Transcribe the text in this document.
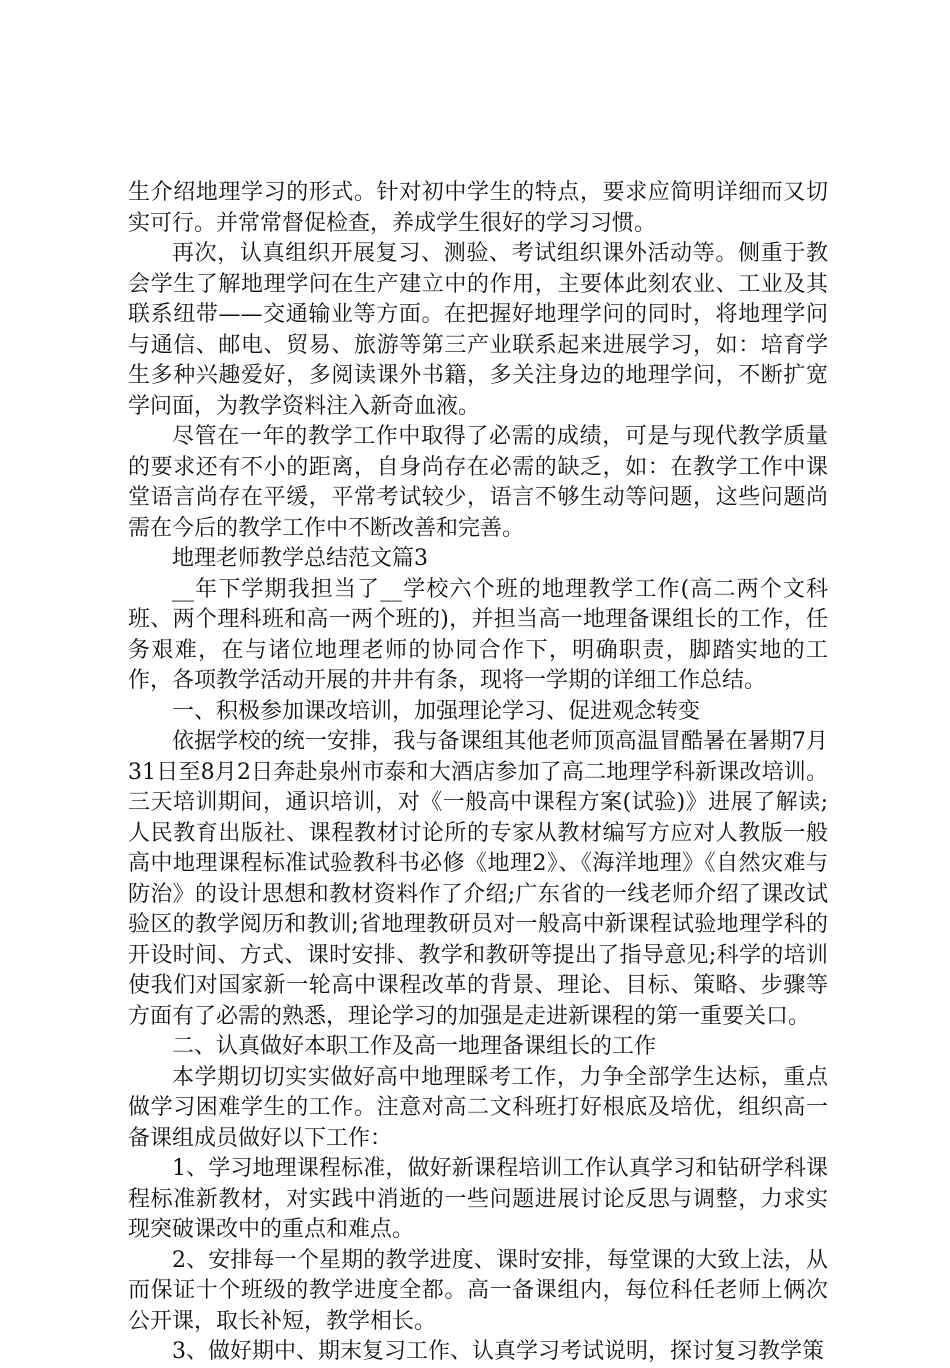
生介绍地理学习的形式。针对初中学生的特点，要求应简明详细而又切实可行。并常常督促检查，养成学生很好的学习习惯。

再次，认真组织开展复习、测验、考试组织课外活动等。侧重于教会学生了解地理学问在生产建立中的作用，主要体此刻农业、工业及其联系纽带——交通输业等方面。在把握好地理学问的同时，将地理学问与通信、邮电、贸易、旅游等第三产业联系起来进展学习，如：培育学生多种兴趣爱好，多阅读课外书籍，多关注身边的地理学问，不断扩宽学问面，为教学资料注入新奇血液。

尽管在一年的教学工作中取得了必需的成绩，可是与现代教学质量的要求还有不小的距离，自身尚存在必需的缺乏，如：在教学工作中课堂语言尚存在平缓，平常考试较少，语言不够生动等问题，这些问题尚需在今后的教学工作中不断改善和完善。

地理老师教学总结范文篇3

__年下学期我担当了__学校六个班的地理教学工作(高二两个文科班、两个理科班和高一两个班的)，并担当高一地理备课组长的工作，任务艰难，在与诸位地理老师的协同合作下，明确职责，脚踏实地的工作，各项教学活动开展的井井有条，现将一学期的详细工作总结。

一、积极参加课改培训，加强理论学习、促进观念转变

依据学校的统一安排，我与备课组其他老师顶高温冒酷暑在暑期7月31日至8月2日奔赴泉州市泰和大酒店参加了高二地理学科新课改培训。三天培训期间，通识培训，对《一般高中课程方案(试验)》进展了解读;人民教育出版社、课程教材讨论所的专家从教材编写方应对人教版一般高中地理课程标准试验教科书必修《地理2》、《海洋地理》《自然灾难与防治》的设计思想和教材资料作了介绍;广东省的一线老师介绍了课改试验区的教学阅历和教训;省地理教研员对一般高中新课程试验地理学科的开设时间、方式、课时安排、教学和教研等提出了指导意见;科学的培训使我们对国家新一轮高中课程改革的背景、理论、目标、策略、步骤等方面有了必需的熟悉，理论学习的加强是走进新课程的第一重要关口。

二、认真做好本职工作及高一地理备课组长的工作

本学期切切实实做好高中地理睬考工作，力争全部学生达标，重点做学习困难学生的工作。注意对高二文科班打好根底及培优，组织高一备课组成员做好以下工作：

1、学习地理课程标准，做好新课程培训工作认真学习和钻研学科课程标准新教材，对实践中消逝的一些问题进展讨论反思与调整，力求实现突破课改中的重点和难点。

2、安排每一个星期的教学进度、课时安排，每堂课的大致上法，从而保证十个班级的教学进度全都。高一备课组内，每位科任老师上俩次公开课，取长补短，教学相长。

3、做好期中、期末复习工作、认真学习考试说明，探讨复习教学策
